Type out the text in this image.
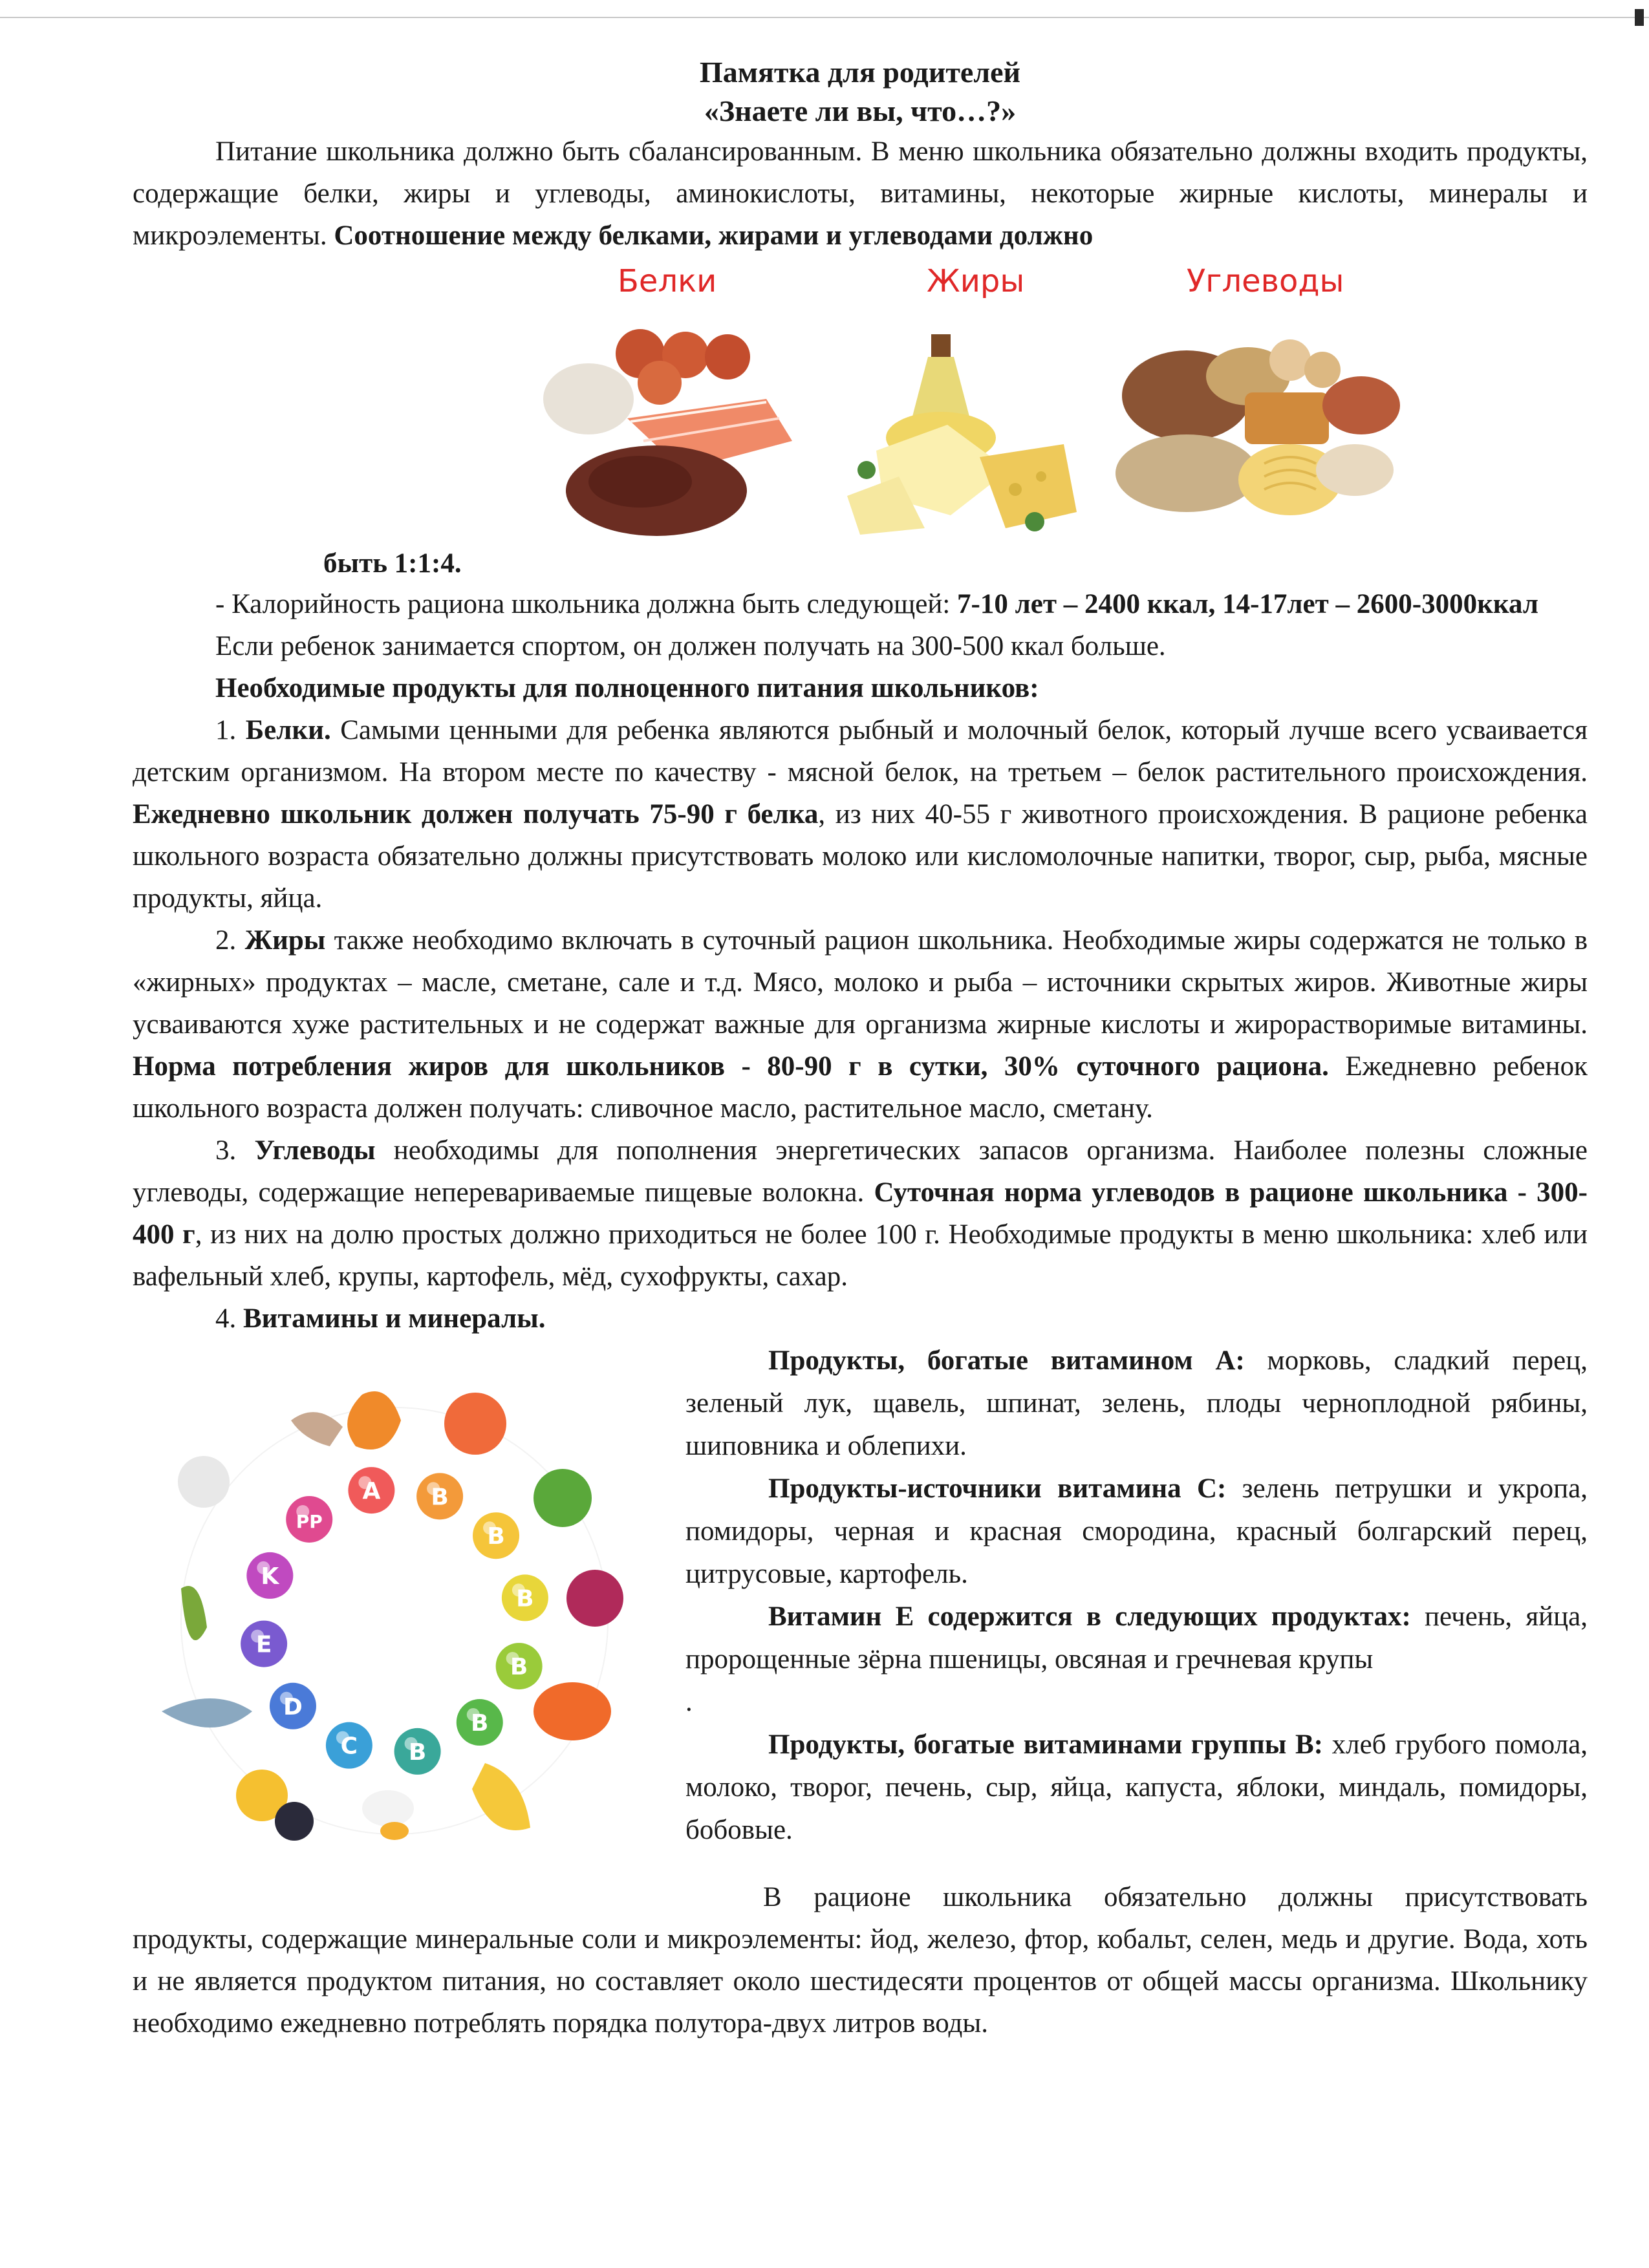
Памятка для родителей
«Знаете ли вы, что…?»

Питание школьника должно быть сбалансированным. В меню школьника обязательно должны входить продукты, содержащие белки, жиры и углеводы, аминокислоты, витамины, некоторые жирные кислоты, минералы и микроэлементы. Соотношение между белками, жирами и углеводами должно

Белки	Жиры	Углеводы
быть 1:1:4.

- Калорийность рациона школьника должна быть следующей: 7-10 лет – 2400 ккал, 14-17лет – 2600-3000ккал

Если ребенок занимается спортом, он должен получать на 300-500 ккал больше.

Необходимые продукты для полноценного питания школьников:

1. Белки. Самыми ценными для ребенка являются рыбный и молочный белок, который лучше всего усваивается детским организмом. На втором месте по качеству - мясной белок, на третьем – белок растительного происхождения. Ежедневно школьник должен получать 75-90 г белка, из них 40-55 г животного происхождения. В рационе ребенка школьного возраста обязательно должны присутствовать молоко или кисломолочные напитки, творог, сыр, рыба, мясные продукты, яйца.

2. Жиры также необходимо включать в суточный рацион школьника. Необходимые жиры содержатся не только в «жирных» продуктах – масле, сметане, сале и т.д. Мясо, молоко и рыба – источники скрытых жиров. Животные жиры усваиваются хуже растительных и не содержат важные для организма жирные кислоты и жирорастворимые витамины. Норма потребления жиров для школьников - 80-90 г в сутки, 30% суточного рациона. Ежедневно ребенок школьного возраста должен получать: сливочное масло, растительное масло, сметану.

3. Углеводы необходимы для пополнения энергетических запасов организма. Наиболее полезны сложные углеводы, содержащие неперевариваемые пищевые волокна. Суточная норма углеводов в рационе школьника - 300-400 г, из них на долю простых должно приходиться не более 100 г. Необходимые продукты в меню школьника: хлеб или вафельный хлеб, крупы, картофель, мёд, сухофрукты, сахар.

4. Витамины и минералы.

A B
B
B
B
B
B
C
D
E
K
PP

Продукты, богатые витамином А: морковь, сладкий перец, зеленый лук, щавель, шпинат, зелень, плоды черноплодной рябины, шиповника и облепихи.

Продукты-источники витамина С: зелень петрушки и укропа, помидоры, черная и красная смородина, красный болгарский перец, цитрусовые, картофель.

Витамин Е содержится в следующих продуктах: печень, яйца, пророщенные зёрна пшеницы, овсяная и гречневая крупы

.

Продукты, богатые витаминами группы В: хлеб грубого помола, молоко, творог, печень, сыр, яйца, капуста, яблоки, миндаль, помидоры, бобовые.

В рационе школьника обязательно должны присутствовать продукты, содержащие минеральные соли и микроэлементы: йод, железо, фтор, кобальт, селен, медь и другие. Вода, хоть и не является продуктом питания, но составляет около шестидесяти процентов от общей массы организма. Школьнику необходимо ежедневно потреблять порядка полутора-двух литров воды.
